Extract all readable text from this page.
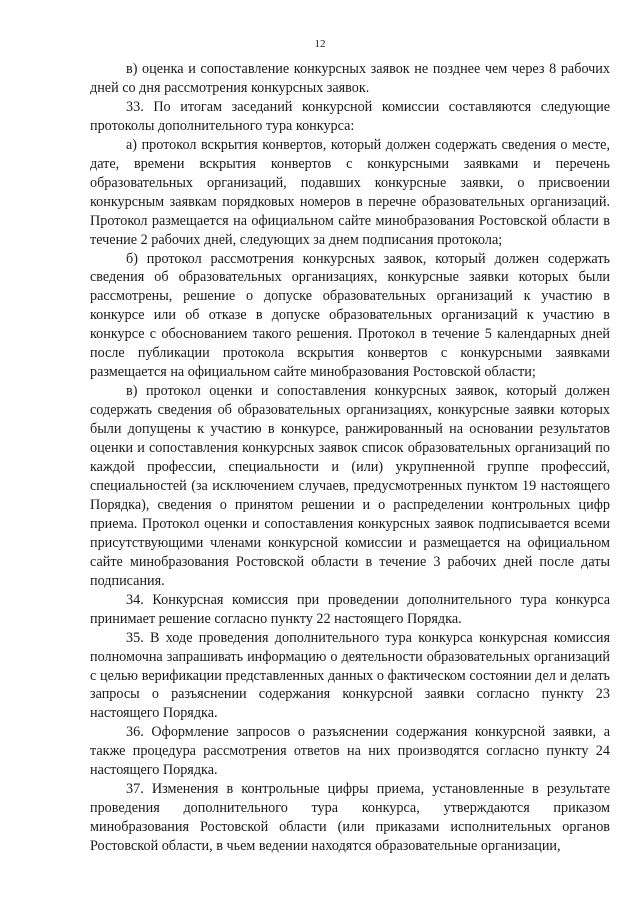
12

в) оценка и сопоставление конкурсных заявок не позднее чем через 8 рабочих дней со дня рассмотрения конкурсных заявок.

33. По итогам заседаний конкурсной комиссии составляются следующие протоколы дополнительного тура конкурса:

а) протокол вскрытия конвертов, который должен содержать сведения о месте, дате, времени вскрытия конвертов с конкурсными заявками и перечень образовательных организаций, подавших конкурсные заявки, о присвоении конкурсным заявкам порядковых номеров в перечне образовательных организаций. Протокол размещается на официальном сайте минобразования Ростовской области в течение 2 рабочих дней, следующих за днем подписания протокола;

б) протокол рассмотрения конкурсных заявок, который должен содержать сведения об образовательных организациях, конкурсные заявки которых были рассмотрены, решение о допуске образовательных организаций к участию в конкурсе или об отказе в допуске образовательных организаций к участию в конкурсе с обоснованием такого решения. Протокол в течение 5 календарных дней после публикации протокола вскрытия конвертов с конкурсными заявками размещается на официальном сайте минобразования Ростовской области;

в) протокол оценки и сопоставления конкурсных заявок, который должен содержать сведения об образовательных организациях, конкурсные заявки которых были допущены к участию в конкурсе, ранжированный на основании результатов оценки и сопоставления конкурсных заявок список образовательных организаций по каждой профессии, специальности и (или) укрупненной группе профессий, специальностей (за исключением случаев, предусмотренных пунктом 19 настоящего Порядка), сведения о принятом решении и о распределении контрольных цифр приема. Протокол оценки и сопоставления конкурсных заявок подписывается всеми присутствующими членами конкурсной комиссии и размещается на официальном сайте минобразования Ростовской области в течение 3 рабочих дней после даты подписания.

34. Конкурсная комиссия при проведении дополнительного тура конкурса принимает решение согласно пункту 22 настоящего Порядка.

35. В ходе проведения дополнительного тура конкурса конкурсная комиссия полномочна запрашивать информацию о деятельности образовательных организаций с целью верификации представленных данных о фактическом состоянии дел и делать запросы о разъяснении содержания конкурсной заявки согласно пункту 23 настоящего Порядка.

36. Оформление запросов о разъяснении содержания конкурсной заявки, а также процедура рассмотрения ответов на них производятся согласно пункту 24 настоящего Порядка.

37. Изменения в контрольные цифры приема, установленные в результате проведения дополнительного тура конкурса, утверждаются приказом минобразования Ростовской области (или приказами исполнительных органов Ростовской области, в чьем ведении находятся образовательные организации,
